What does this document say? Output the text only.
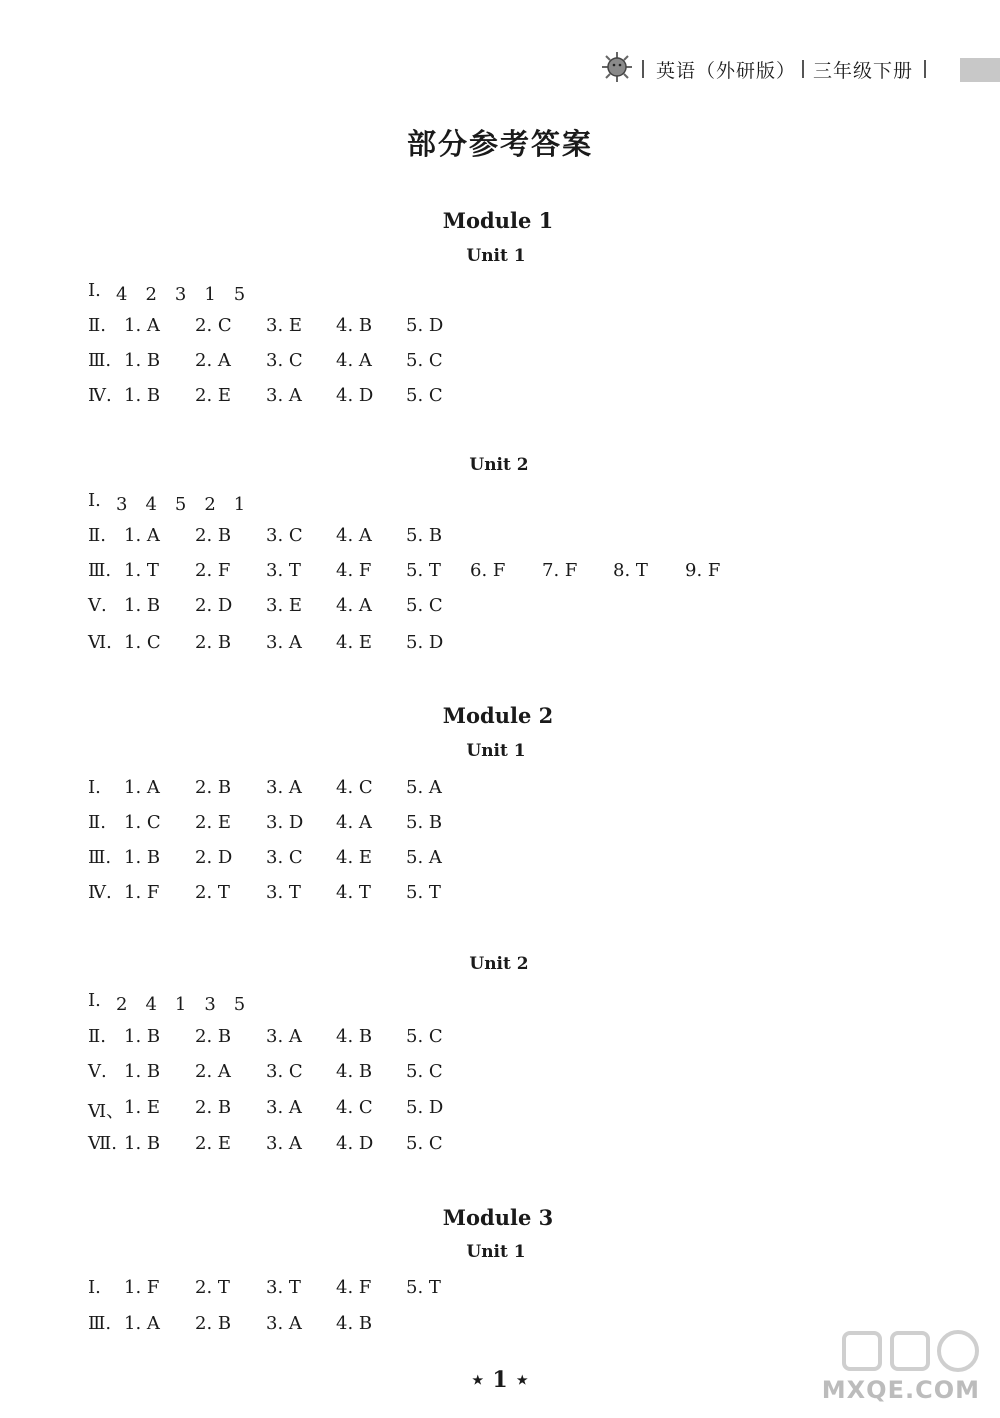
英语（外研版） 三年级下册
部分参考答案
Module 1
Unit 1
Ⅰ. 4　2　3　1　5
Ⅱ. 1. A 2. C 3. E 4. B 5. D
Ⅲ. 1. B 2. A 3. C 4. A 5. C
Ⅳ. 1. B 2. E 3. A 4. D 5. C
Unit 2
Ⅰ. 3　4　5　2　1
Ⅱ. 1. A 2. B 3. C 4. A 5. B
Ⅲ. 1. T 2. F 3. T 4. F 5. T 6. F 7. F 8. T 9. F
Ⅴ. 1. B 2. D 3. E 4. A 5. C
Ⅵ. 1. C 2. B 3. A 4. E 5. D
Module 2
Unit 1
Ⅰ. 1. A 2. B 3. A 4. C 5. A
Ⅱ. 1. C 2. E 3. D 4. A 5. B
Ⅲ. 1. B 2. D 3. C 4. E 5. A
Ⅳ. 1. F 2. T 3. T 4. T 5. T
Unit 2
Ⅰ. 2　4　1　3　5
Ⅱ. 1. B 2. B 3. A 4. B 5. C
Ⅴ. 1. B 2. A 3. C 4. B 5. C
Ⅵ、 1. E 2. B 3. A 4. C 5. D
Ⅶ. 1. B 2. E 3. A 4. D 5. C
Module 3
Unit 1
Ⅰ. 1. F 2. T 3. T 4. F 5. T
Ⅲ. 1. A 2. B 3. A 4. B
⋆ 1 ⋆	MXQE.COM
